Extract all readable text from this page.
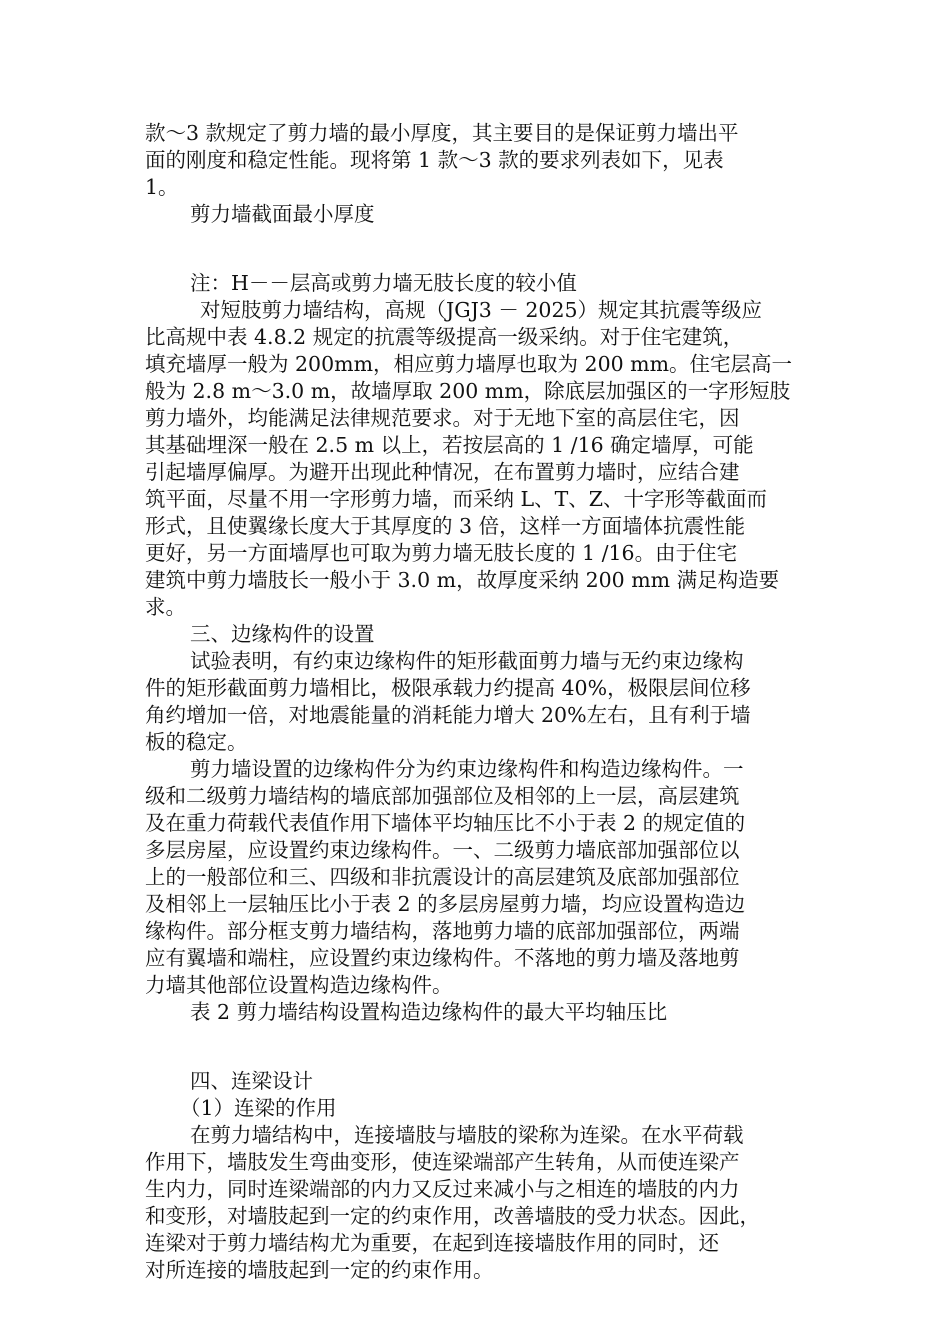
款～3 款规定了剪力墙的最小厚度，其主要目的是保证剪力墙出平
面的刚度和稳定性能。现将第 1 款～3 款的要求列表如下，见表
1。
剪力墙截面最小厚度
注：H－－层高或剪力墙无肢长度的较小值
对短肢剪力墙结构，高规（JGJ3 － 2025）规定其抗震等级应
比高规中表 4.8.2 规定的抗震等级提高一级采纳。对于住宅建筑，
填充墙厚一般为 200mm，相应剪力墙厚也取为 200 mm。住宅层高一
般为 2.8 m～3.0 m，故墙厚取 200 mm，除底层加强区的一字形短肢
剪力墙外，均能满足法律规范要求。对于无地下室的高层住宅，因
其基础埋深一般在 2.5 m 以上，若按层高的 1 /16 确定墙厚，可能
引起墙厚偏厚。为避开出现此种情况，在布置剪力墙时，应结合建
筑平面，尽量不用一字形剪力墙，而采纳 L、T、Z、十字形等截面而
形式，且使翼缘长度大于其厚度的 3 倍，这样一方面墙体抗震性能
更好，另一方面墙厚也可取为剪力墙无肢长度的 1 /16。由于住宅
建筑中剪力墙肢长一般小于 3.0 m，故厚度采纳 200 mm 满足构造要
求。
三、边缘构件的设置
试验表明，有约束边缘构件的矩形截面剪力墙与无约束边缘构
件的矩形截面剪力墙相比，极限承载力约提高 40%，极限层间位移
角约增加一倍，对地震能量的消耗能力增大 20%左右，且有利于墙
板的稳定。
剪力墙设置的边缘构件分为约束边缘构件和构造边缘构件。一
级和二级剪力墙结构的墙底部加强部位及相邻的上一层，高层建筑
及在重力荷载代表值作用下墙体平均轴压比不小于表 2 的规定值的
多层房屋，应设置约束边缘构件。一、二级剪力墙底部加强部位以
上的一般部位和三、四级和非抗震设计的高层建筑及底部加强部位
及相邻上一层轴压比小于表 2 的多层房屋剪力墙，均应设置构造边
缘构件。部分框支剪力墙结构，落地剪力墙的底部加强部位，两端
应有翼墙和端柱，应设置约束边缘构件。不落地的剪力墙及落地剪
力墙其他部位设置构造边缘构件。
表 2 剪力墙结构设置构造边缘构件的最大平均轴压比
四、连梁设计
（1）连梁的作用
在剪力墙结构中，连接墙肢与墙肢的梁称为连梁。在水平荷载
作用下，墙肢发生弯曲变形，使连梁端部产生转角，从而使连梁产
生内力，同时连梁端部的内力又反过来减小与之相连的墙肢的内力
和变形，对墙肢起到一定的约束作用，改善墙肢的受力状态。因此，
连梁对于剪力墙结构尤为重要，在起到连接墙肢作用的同时，还
对所连接的墙肢起到一定的约束作用。
